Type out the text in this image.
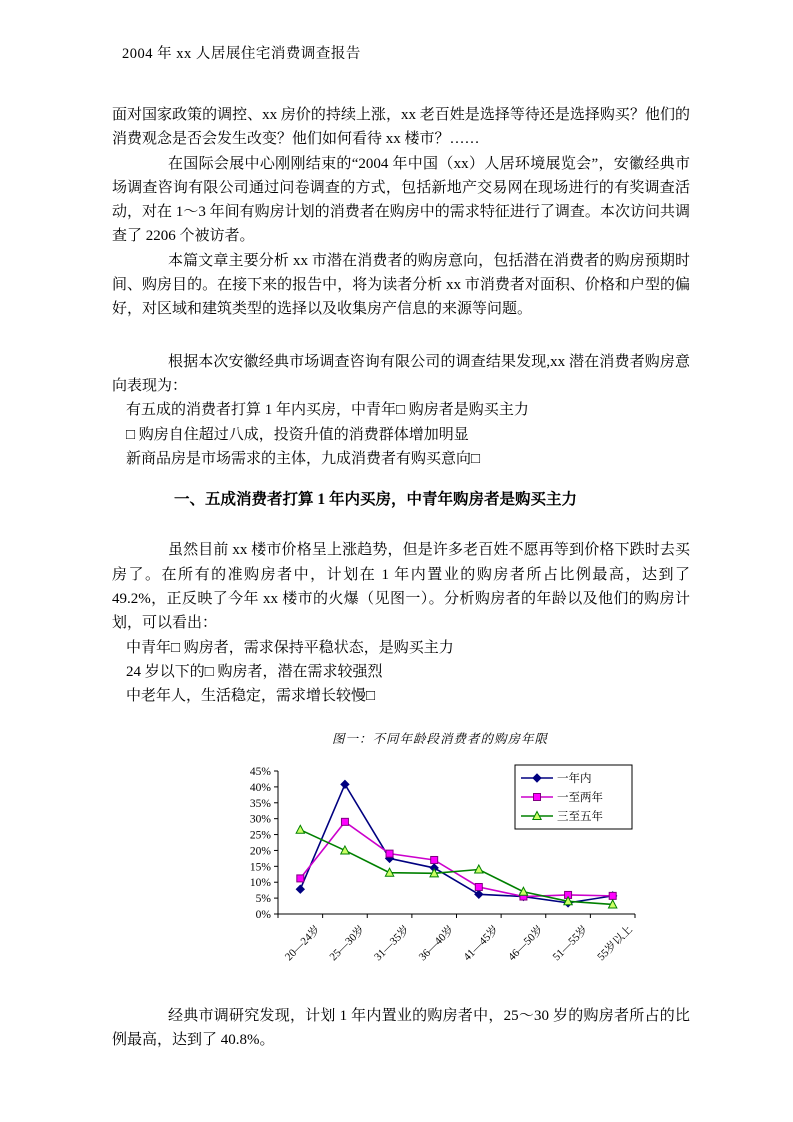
2004 年 xx 人居展住宅消费调查报告

面对国家政策的调控、xx 房价的持续上涨，xx 老百姓是选择等待还是选择购买？他们的消费观念是否会发生改变？他们如何看待 xx 楼市？……

在国际会展中心刚刚结束的“2004 年中国（xx）人居环境展览会”，安徽经典市场调查咨询有限公司通过问卷调查的方式，包括新地产交易网在现场进行的有奖调查活动，对在 1～3 年间有购房计划的消费者在购房中的需求特征进行了调查。本次访问共调查了 2206 个被访者。

本篇文章主要分析 xx 市潜在消费者的购房意向，包括潜在消费者的购房预期时间、购房目的。在接下来的报告中，将为读者分析 xx 市消费者对面积、价格和户型的偏好，对区域和建筑类型的选择以及收集房产信息的来源等问题。

根据本次安徽经典市场调查咨询有限公司的调查结果发现,xx 潜在消费者购房意向表现为：

有五成的消费者打算 1 年内买房，中青年□ 购房者是购买主力
□ 购房自住超过八成，投资升值的消费群体增加明显
新商品房是市场需求的主体，九成消费者有购买意向□

一、五成消费者打算 1 年内买房，中青年购房者是购买主力

虽然目前 xx 楼市价格呈上涨趋势，但是许多老百姓不愿再等到价格下跌时去买房了。在所有的准购房者中，计划在 1 年内置业的购房者所占比例最高，达到了 49.2%，正反映了今年 xx 楼市的火爆（见图一）。分析购房者的年龄以及他们的购房计划，可以看出：

中青年□ 购房者，需求保持平稳状态，是购买主力
24 岁以下的□ 购房者，潜在需求较强烈
中老年人，生活稳定，需求增长较慢□

图一：不同年龄段消费者的购房年限

0%
5%
10%
15%
20%
25%
30%
35%
40%
45%
20—24岁 25—30岁 31—35岁 36—40岁 41—45岁 46—50岁 51—55岁 55岁以上
一年内
一至两年
三至五年

经典市调研究发现，计划 1 年内置业的购房者中，25～30 岁的购房者所占的比例最高，达到了 40.8%。
